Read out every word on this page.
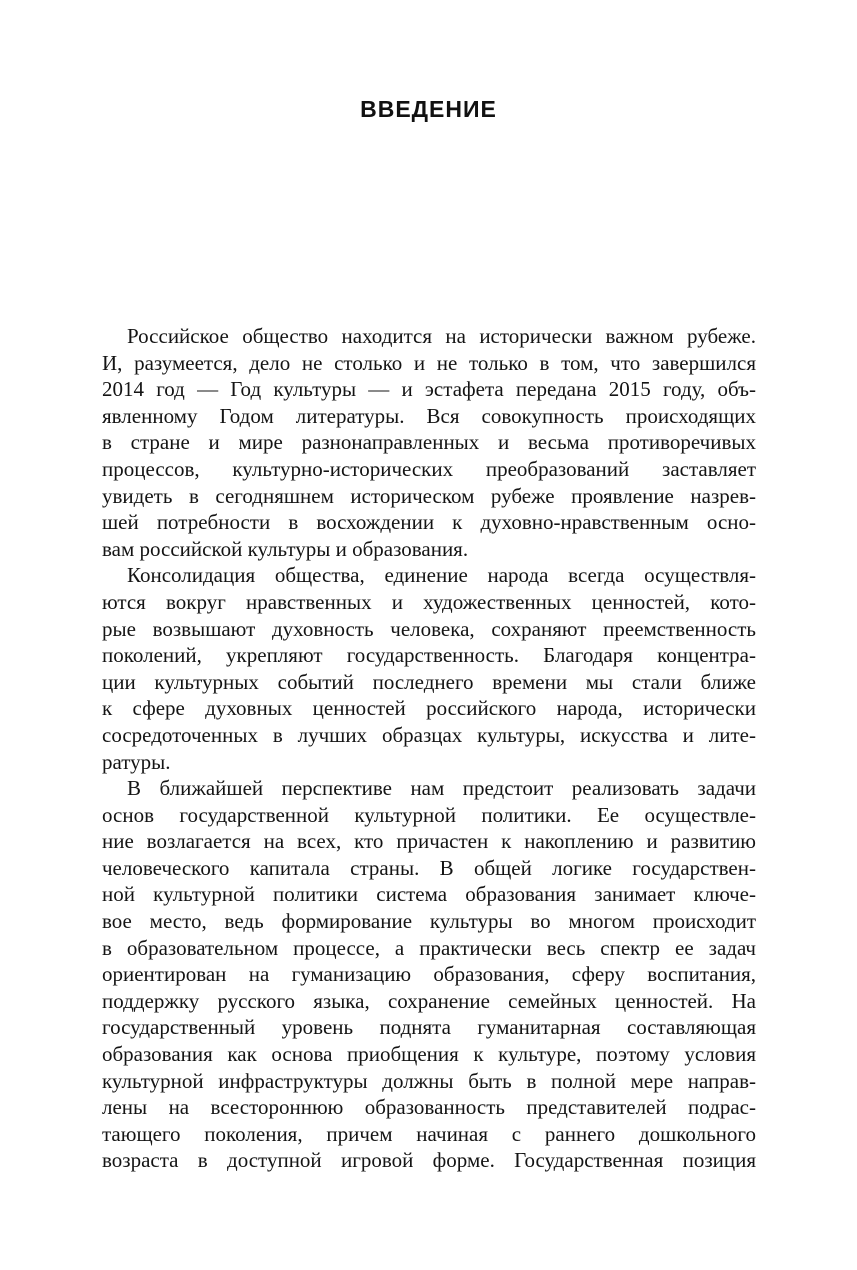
ВВЕДЕНИЕ
Российское общество находится на исторически важном рубеже.
И, разумеется, дело не столько и не только в том, что завершился
2014 год — Год культуры — и эстафета передана 2015 году, объ-
явленному Годом литературы. Вся совокупность происходящих
в стране и мире разнонаправленных и весьма противоречивых
процессов, культурно-исторических преобразований заставляет
увидеть в сегодняшнем историческом рубеже проявление назрев-
шей потребности в восхождении к духовно-нравственным осно-
вам российской культуры и образования.
Консолидация общества, единение народа всегда осуществля-
ются вокруг нравственных и художественных ценностей, кото-
рые возвышают духовность человека, сохраняют преемственность
поколений, укрепляют государственность. Благодаря концентра-
ции культурных событий последнего времени мы стали ближе
к сфере духовных ценностей российского народа, исторически
сосредоточенных в лучших образцах культуры, искусства и лите-
ратуры.
В ближайшей перспективе нам предстоит реализовать задачи
основ государственной культурной политики. Ее осуществле-
ние возлагается на всех, кто причастен к накоплению и развитию
человеческого капитала страны. В общей логике государствен-
ной культурной политики система образования занимает ключе-
вое место, ведь формирование культуры во многом происходит
в образовательном процессе, а практически весь спектр ее задач
ориентирован на гуманизацию образования, сферу воспитания,
поддержку русского языка, сохранение семейных ценностей. На
государственный уровень поднята гуманитарная составляющая
образования как основа приобщения к культуре, поэтому условия
культурной инфраструктуры должны быть в полной мере направ-
лены на всестороннюю образованность представителей подрас-
тающего поколения, причем начиная с раннего дошкольного
возраста в доступной игровой форме. Государственная позиция
